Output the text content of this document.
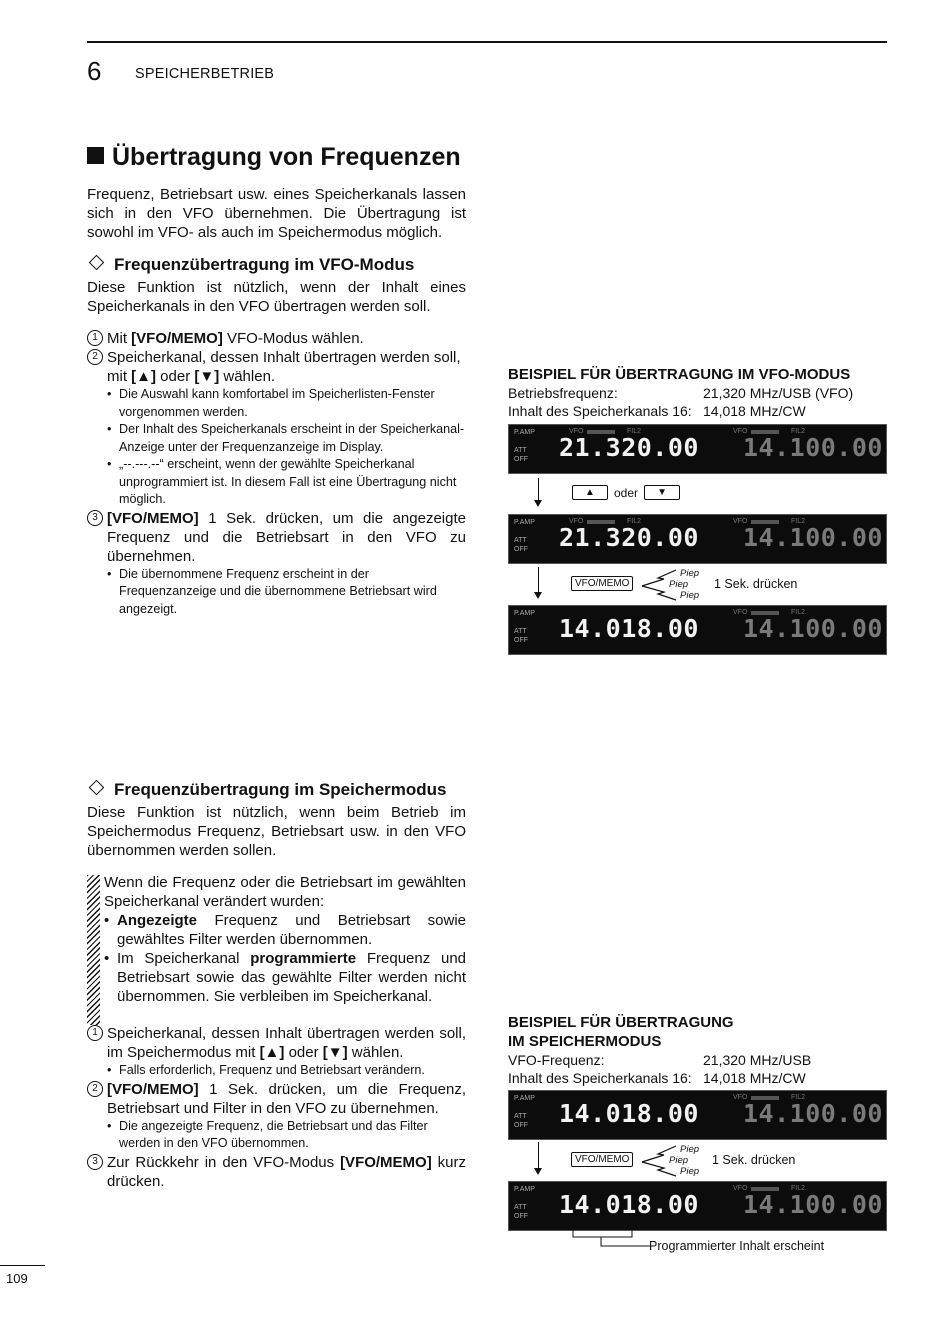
6 SPEICHERBETRIEB
Übertragung von Frequenzen

Frequenz, Betriebsart usw. eines Speicherkanals lassen sich in den VFO übernehmen. Die Übertragung ist sowohl im VFO- als auch im Speichermodus möglich.

Frequenzübertragung im VFO-Modus

Diese Funktion ist nützlich, wenn der Inhalt eines Speicherkanals in den VFO übertragen werden soll.

1 Mit [VFO/MEMO] VFO-Modus wählen.
2 Speicherkanal, dessen Inhalt übertragen werden soll, mit [▲] oder [▼] wählen.
• Die Auswahl kann komfortabel im Speicherlisten-Fenster vorgenommen werden.
• Der Inhalt des Speicherkanals erscheint in der Speicherkanal-Anzeige unter der Frequenzanzeige im Display.
• „--.---.--“ erscheint, wenn der gewählte Speicherkanal unprogrammiert ist. In diesem Fall ist eine Übertragung nicht möglich.
3 [VFO/MEMO] 1 Sek. drücken, um die angezeigte Frequenz und die Betriebsart in den VFO zu übernehmen.
• Die übernommene Frequenz erscheint in der Frequenzanzeige und die übernommene Betriebsart wird angezeigt.
Frequenzübertragung im Speichermodus

Diese Funktion ist nützlich, wenn beim Betrieb im Speichermodus Frequenz, Betriebsart usw. in den VFO übernommen werden sollen.

Wenn die Frequenz oder die Betriebsart im gewählten Speicherkanal verändert wurden:
• Angezeigte Frequenz und Betriebsart sowie gewähltes Filter werden übernommen.
• Im Speicherkanal programmierte Frequenz und Betriebsart sowie das gewählte Filter werden nicht übernommen. Sie verbleiben im Speicherkanal.
1 Speicherkanal, dessen Inhalt übertragen werden soll, im Speichermodus mit [▲] oder [▼] wählen.
• Falls erforderlich, Frequenz und Betriebsart verändern.
2 [VFO/MEMO] 1 Sek. drücken, um die Frequenz, Betriebsart und Filter in den VFO zu übernehmen.
• Die angezeigte Frequenz, die Betriebsart und das Filter werden in den VFO übernommen.
3 Zur Rückkehr in den VFO-Modus [VFO/MEMO] kurz drücken.
BEISPIEL FÜR ÜBERTRAGUNG IM VFO-MODUS
Betriebsfrequenz:	21,320 MHz/USB (VFO)
Inhalt des Speicherkanals 16: 14,018 MHz/CW
P.AMP
ATT
OFF
VFO	FIL2	VFO	FIL2
21.320.00 14.100.00
▲	oder	▼
P.AMP
ATT
OFF
VFO	FIL2	VFO	FIL2
21.320.00 14.100.00
VFO/MEMO
Piep
Piep
Piep
1 Sek. drücken
P.AMP
ATT
OFF
VFO	FIL2
14.018.00 14.100.00
BEISPIEL FÜR ÜBERTRAGUNG
IM SPEICHERMODUS
VFO-Frequenz:	21,320 MHz/USB
Inhalt des Speicherkanals 16: 14,018 MHz/CW
P.AMP
ATT
OFF
VFO	FIL2
14.018.00 14.100.00
VFO/MEMO
Piep
Piep
Piep
1 Sek. drücken
P.AMP
ATT
OFF
VFO	FIL2
14.018.00 14.100.00
Programmierter Inhalt erscheint
109
